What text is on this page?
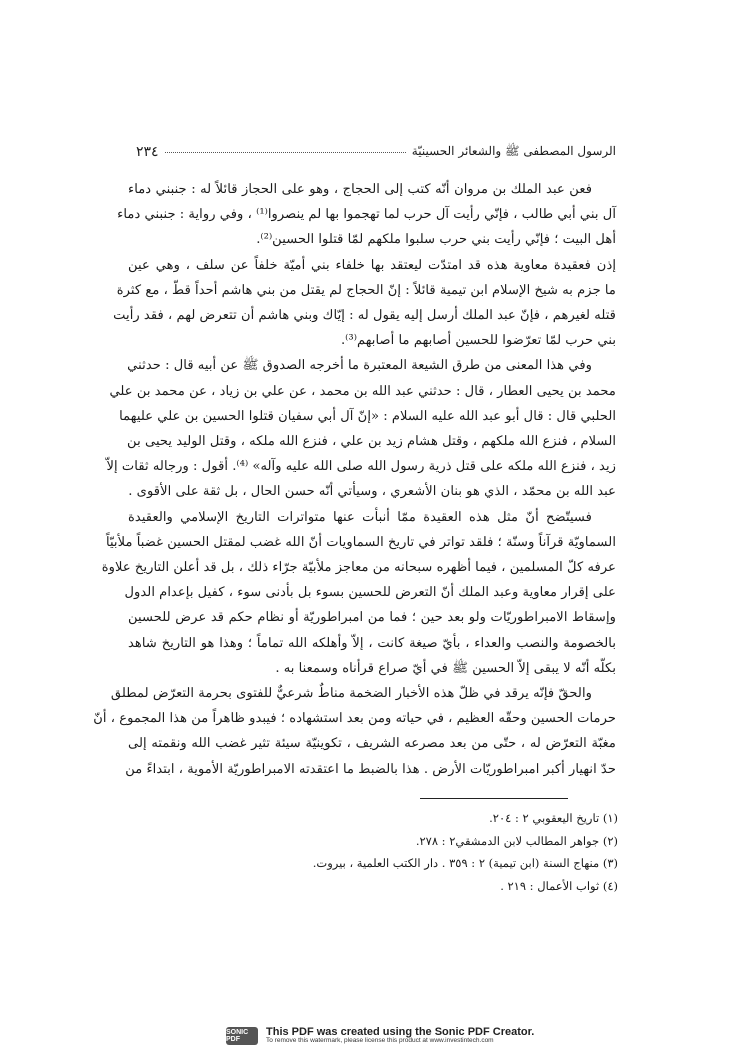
٢٣٤	الرسول المصطفى ﷺ والشعائر الحسينيّة

فعن عبد الملك بن مروان أنّه كتب إلى الحجاج ، وهو على الحجاز قائلاً له : جنبني دماء
آل بني أبي طالب ، فإنّي رأيت آل حرب لما تهجموا بها لم ينصروا⁽¹⁾ ، وفي رواية : جنبني دماء
أهل البيت ؛ فإنّي رأيت بني حرب سلبوا ملكهم لمّا قتلوا الحسين⁽²⁾.

إذن فعقيدة معاوية هذه قد امتدّت ليعتقد بها خلفاء بني أميّة خلفاً عن سلف ، وهي عين
ما جزم به شيخ الإسلام ابن تيمية قائلاً : إنّ الحجاج لم يقتل من بني هاشم أحداً قطّ ، مع كثرة
قتله لغيرهم ، فإنّ عبد الملك أرسل إليه يقول له : إيّاك وبني هاشم أن تتعرض لهم ، فقد رأيت
بني حرب لمّا تعرّضوا للحسين أصابهم ما أصابهم⁽³⁾.

وفي هذا المعنى من طرق الشيعة المعتبرة ما أخرجه الصدوق ﷺ عن أبيه قال : حدثني
محمد بن يحيى العطار ، قال : حدثني عبد الله بن محمد ، عن علي بن زياد ، عن محمد بن علي
الحلبي قال : قال أبو عبد الله عليه السلام : «إنّ آل أبي سفيان قتلوا الحسين بن علي عليهما
السلام ، فنزع الله ملكهم ، وقتل هشام زيد بن علي ، فنزع الله ملكه ، وقتل الوليد يحيى بن
زيد ، فنزع الله ملكه على قتل ذرية رسول الله صلى الله عليه وآله» ⁽⁴⁾. أقول : ورجاله ثقات إلاّ
عبد الله بن محمّد ، الذي هو بنان الأشعري ، وسيأتي أنّه حسن الحال ، بل ثقة على الأقوى .

فسيتّضح أنّ مثل هذه العقيدة ممّا أنبأت عنها متواترات التاريخ الإسلامي والعقيدة
السماويّة قرآناً وسنّة ؛ فلقد تواتر في تاريخ السماويات أنّ الله غضب لمقتل الحسين غضباً ملأبيّاً
عرفه كلّ المسلمين ، فيما أظهره سبحانه من معاجز ملأبيّة جرّاء ذلك ، بل قد أعلن التاريخ علاوة
على إقرار معاوية وعبد الملك أنّ التعرض للحسين بسوء بل بأدنى سوء ، كفيل بإعدام الدول
وإسقاط الامبراطوريّات ولو بعد حين ؛ فما من امبراطوريّة أو نظام حكم قد عرض للحسين
بالخصومة والنصب والعداء ، بأيّ صيغة كانت ، إلاّ وأهلكه الله تماماً ؛ وهذا هو التاريخ شاهد
بكلّه أنّه لا يبقى إلاّ الحسين ﷺ في أيّ صراع قرأناه وسمعنا به .

والحقّ فإنّه يرقد في ظلّ هذه الأخبار الضخمة مناطٌ شرعيٌّ للفتوى بحرمة التعرّض لمطلق
حرمات الحسين وحقّه العظيم ، في حياته ومن بعد استشهاده ؛ فيبدو ظاهراً من هذا المجموع ، أنّ
مغبّة التعرّض له ، حتّى من بعد مصرعه الشريف ، تكوينيّة سيئة تثير غضب الله ونقمته إلى
حدّ انهيار أكبر امبراطوريّات الأرض . هذا بالضبط ما اعتقدته الامبراطوريّة الأموية ، ابتداءً من

(١) تاريخ اليعقوبي ٢ : ٢٠٤.
(٢) جواهر المطالب لابن الدمشقي٢ : ٢٧٨.
(٣) منهاج السنة (ابن تيمية) ٢ : ٣٥٩ . دار الكتب العلمية ، بيروت.
(٤) ثواب الأعمال : ٢١٩ .
SONIC PDF
This PDF was created using the Sonic PDF Creator.
To remove this watermark, please license this product at www.investintech.com
